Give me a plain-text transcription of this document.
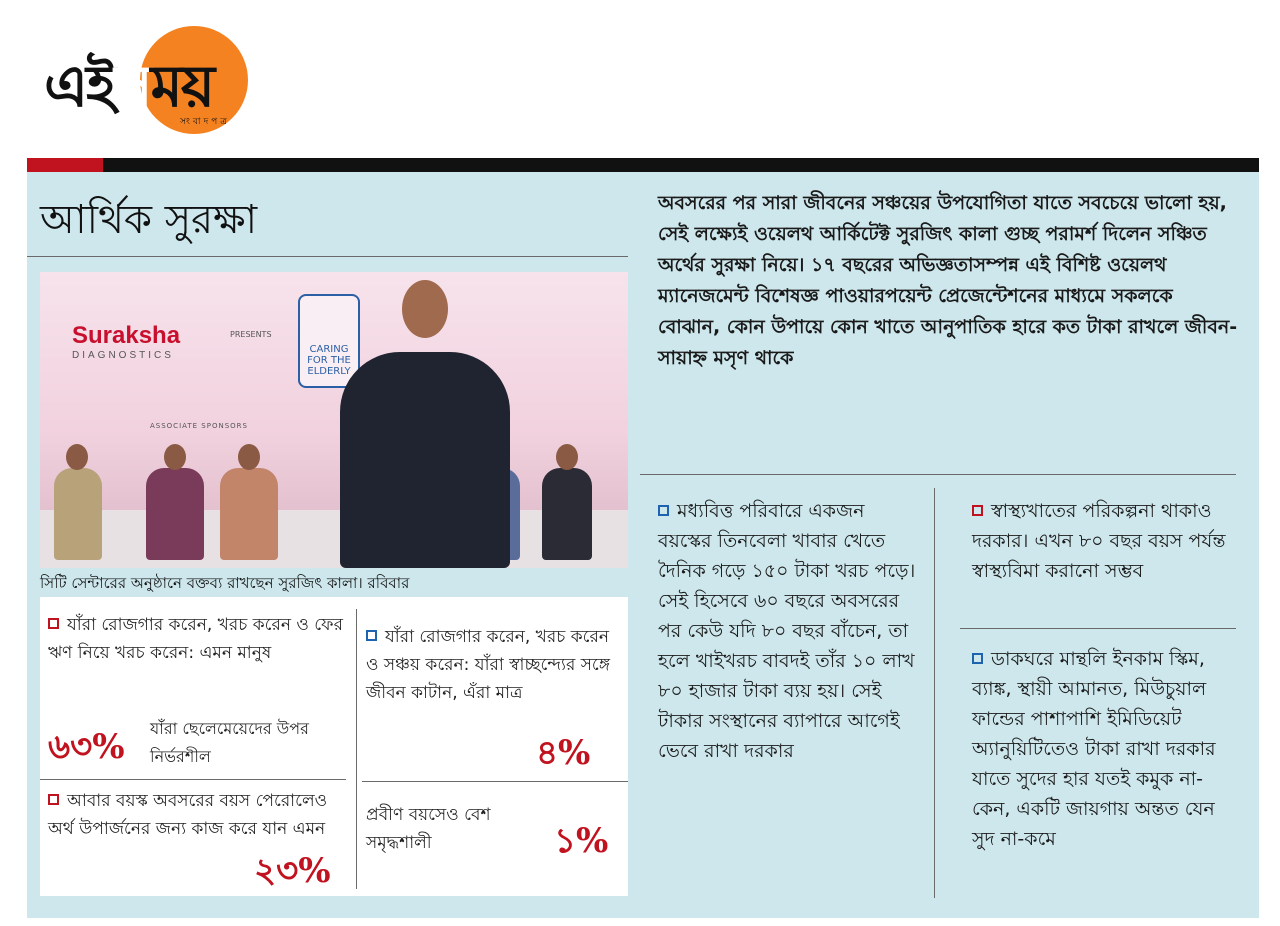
এইসময়
সংবাদপত্র
আর্থিক সুরক্ষা
Suraksha
DIAGNOSTICS
PRESENTS
CARING FOR THE ELDERLY
ASSOCIATE SPONSORS
সিটি সেন্টারের অনুষ্ঠানে বক্তব্য রাখছেন সুরজিৎ কালা। রবিবার
যাঁরা রোজগার করেন, খরচ করেন ও ফের ঋণ নিয়ে খরচ করেন: এমন মানুষ
৬৩% যাঁরা ছেলেমেয়েদের উপর নির্ভরশীল
আবার বয়স্ক অবসরের বয়স পেরোলেও অর্থ উপার্জনের জন্য কাজ করে যান এমন
২৩%
যাঁরা রোজগার করেন, খরচ করেন ও সঞ্চয় করেন: যাঁরা স্বাচ্ছন্দ্যের সঙ্গে জীবন কাটান, এঁরা মাত্র
৪%
প্রবীণ বয়সেও বেশ সমৃদ্ধশালী	১%
অবসরের পর সারা জীবনের সঞ্চয়ের উপযোগিতা যাতে সবচেয়ে ভালো হয়, সেই লক্ষ্যেই ওয়েলথ আর্কিটেক্ট সুরজিৎ কালা গুচ্ছ পরামর্শ দিলেন সঞ্চিত অর্থের সুরক্ষা নিয়ে। ১৭ বছরের অভিজ্ঞতাসম্পন্ন এই বিশিষ্ট ওয়েলথ ম্যানেজমেন্ট বিশেষজ্ঞ পাওয়ারপয়েন্ট প্রেজেন্টেশনের মাধ্যমে সকলকে বোঝান, কোন উপায়ে কোন খাতে আনুপাতিক হারে কত টাকা রাখলে জীবন-সায়াহ্ন মসৃণ থাকে
মধ্যবিত্ত পরিবারে একজন বয়স্কের তিনবেলা খাবার খেতে দৈনিক গড়ে ১৫০ টাকা খরচ পড়ে। সেই হিসেবে ৬০ বছরে অবসরের পর কেউ যদি ৮০ বছর বাঁচেন, তা হলে খাইখরচ বাবদই তাঁর ১০ লাখ ৮০ হাজার টাকা ব্যয় হয়। সেই টাকার সংস্থানের ব্যাপারে আগেই ভেবে রাখা দরকার
স্বাস্থ্যখাতের পরিকল্পনা থাকাও দরকার। এখন ৮০ বছর বয়স পর্যন্ত স্বাস্থ্যবিমা করানো সম্ভব
ডাকঘরে মান্থলি ইনকাম স্কিম, ব্যাঙ্ক, স্থায়ী আমানত, মিউচুয়াল ফান্ডের পাশাপাশি ইমিডিয়েট অ্যানুয়িটিতেও টাকা রাখা দরকার যাতে সুদের হার যতই কমুক না-কেন, একটি জায়গায় অন্তত যেন সুদ না-কমে
